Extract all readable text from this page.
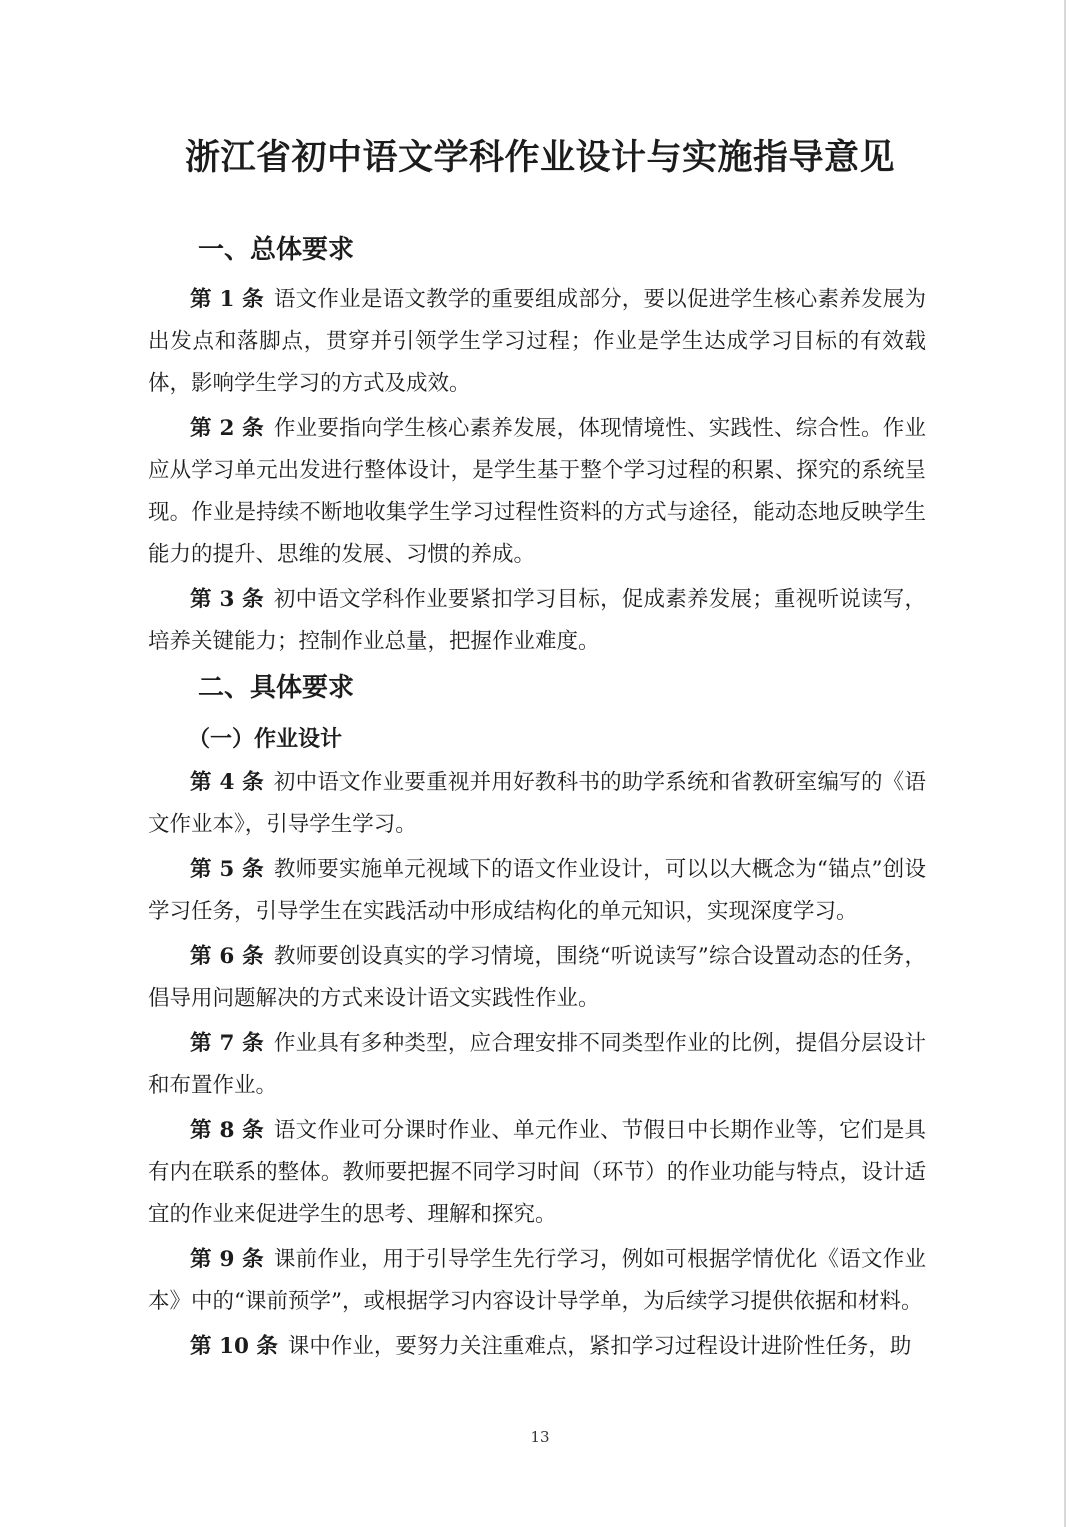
浙江省初中语文学科作业设计与实施指导意见
一、总体要求

第 1 条 语文作业是语文教学的重要组成部分，要以促进学生核心素养发展为出发点和落脚点，贯穿并引领学生学习过程；作业是学生达成学习目标的有效载体，影响学生学习的方式及成效。

第 2 条 作业要指向学生核心素养发展，体现情境性、实践性、综合性。作业应从学习单元出发进行整体设计，是学生基于整个学习过程的积累、探究的系统呈现。作业是持续不断地收集学生学习过程性资料的方式与途径，能动态地反映学生能力的提升、思维的发展、习惯的养成。

第 3 条 初中语文学科作业要紧扣学习目标，促成素养发展；重视听说读写，培养关键能力；控制作业总量，把握作业难度。

二、具体要求
（一）作业设计

第 4 条 初中语文作业要重视并用好教科书的助学系统和省教研室编写的《语文作业本》，引导学生学习。

第 5 条 教师要实施单元视域下的语文作业设计，可以以大概念为“锚点”创设学习任务，引导学生在实践活动中形成结构化的单元知识，实现深度学习。

第 6 条 教师要创设真实的学习情境，围绕“听说读写”综合设置动态的任务，倡导用问题解决的方式来设计语文实践性作业。

第 7 条 作业具有多种类型，应合理安排不同类型作业的比例，提倡分层设计和布置作业。

第 8 条 语文作业可分课时作业、单元作业、节假日中长期作业等，它们是具有内在联系的整体。教师要把握不同学习时间（环节）的作业功能与特点，设计适宜的作业来促进学生的思考、理解和探究。

第 9 条 课前作业，用于引导学生先行学习，例如可根据学情优化《语文作业本》中的“课前预学”，或根据学习内容设计导学单，为后续学习提供依据和材料。

第 10 条 课中作业，要努力关注重难点，紧扣学习过程设计进阶性任务，助

13
